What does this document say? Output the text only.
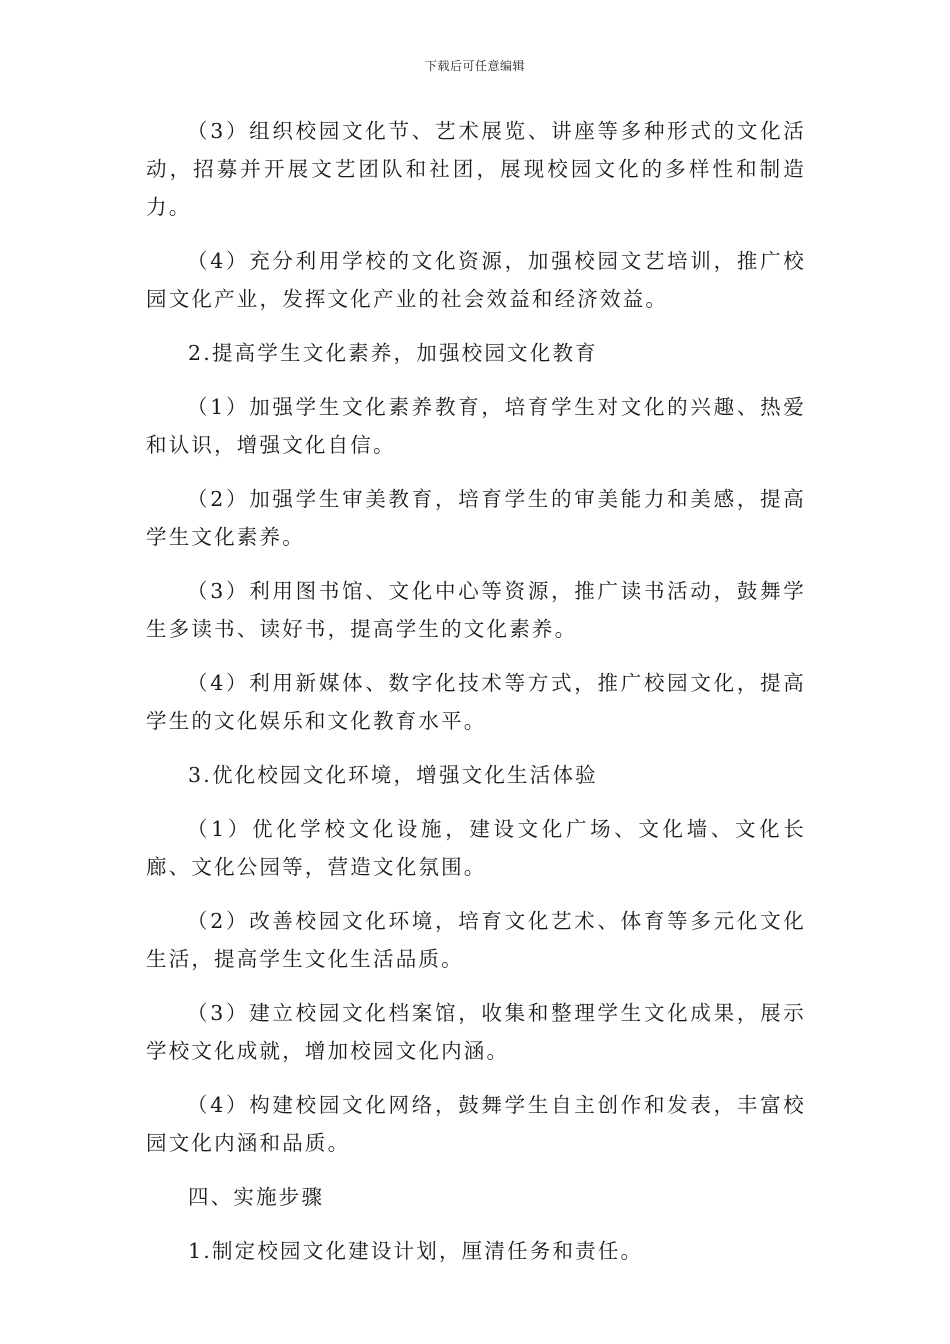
下载后可任意编辑

（3）组织校园文化节、艺术展览、讲座等多种形式的文化活动，招募并开展文艺团队和社团，展现校园文化的多样性和制造力。

（4）充分利用学校的文化资源，加强校园文艺培训，推广校园文化产业，发挥文化产业的社会效益和经济效益。

2.提高学生文化素养，加强校园文化教育

（1）加强学生文化素养教育，培育学生对文化的兴趣、热爱和认识，增强文化自信。

（2）加强学生审美教育，培育学生的审美能力和美感，提高学生文化素养。

（3）利用图书馆、文化中心等资源，推广读书活动，鼓舞学生多读书、读好书，提高学生的文化素养。

（4）利用新媒体、数字化技术等方式，推广校园文化，提高学生的文化娱乐和文化教育水平。

3.优化校园文化环境，增强文化生活体验

（1）优化学校文化设施，建设文化广场、文化墙、文化长廊、文化公园等，营造文化氛围。

（2）改善校园文化环境，培育文化艺术、体育等多元化文化生活，提高学生文化生活品质。

（3）建立校园文化档案馆，收集和整理学生文化成果，展示学校文化成就，增加校园文化内涵。

（4）构建校园文化网络，鼓舞学生自主创作和发表，丰富校园文化内涵和品质。

四、实施步骤

1.制定校园文化建设计划，厘清任务和责任。
